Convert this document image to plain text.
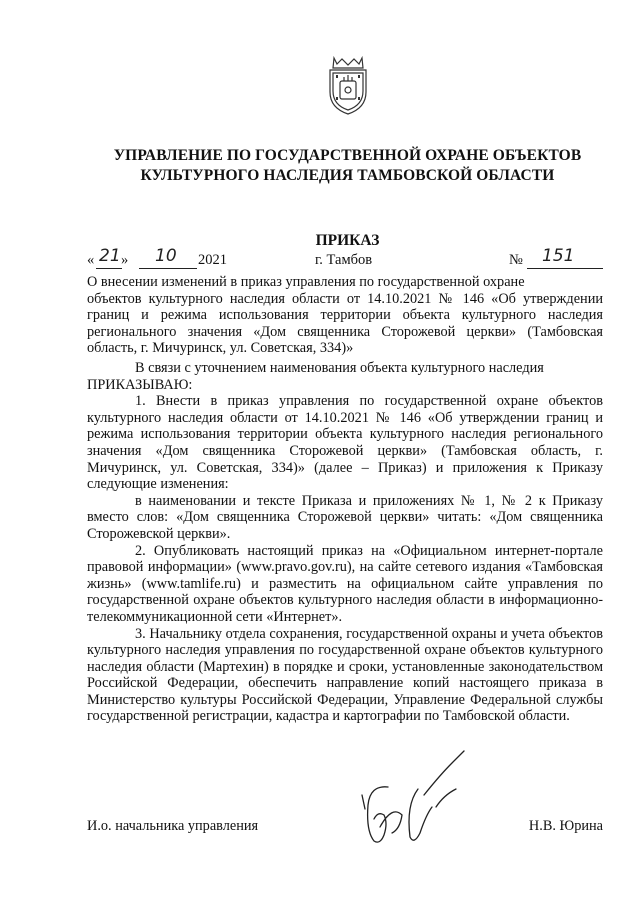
УПРАВЛЕНИЕ ПО ГОСУДАРСТВЕННОЙ ОХРАНЕ ОБЪЕКТОВ
КУЛЬТУРНОГО НАСЛЕДИЯ ТАМБОВСКОЙ ОБЛАСТИ
ПРИКАЗ
« 21 » 10 2021	г. Тамбов	№ 151
О внесении изменений в приказ управления по государственной охране
объектов культурного наследия области от 14.10.2021 № 146 «Об утверждении границ и режима использования территории объекта культурного наследия регионального значения «Дом священника Сторожевой церкви» (Тамбовская область, г. Мичуринск, ул. Советская, 334)»

В связи с уточнением наименования объекта культурного наследия

ПРИКАЗЫВАЮ:

1. Внести в приказ управления по государственной охране объектов культурного наследия области от 14.10.2021 № 146 «Об утверждении границ и режима использования территории объекта культурного наследия регионального значения «Дом священника Сторожевой церкви» (Тамбовская область, г. Мичуринск, ул. Советская, 334)» (далее – Приказ) и приложения к Приказу следующие изменения:

в наименовании и тексте Приказа и приложениях № 1, № 2 к Приказу вместо слов: «Дом священника Сторожевой церкви» читать: «Дом священника Сторожевской церкви».

2. Опубликовать настоящий приказ на «Официальном интернет-портале правовой информации» (www.pravo.gov.ru), на сайте сетевого издания «Тамбовская жизнь» (www.tamlife.ru) и разместить на официальном сайте управления по государственной охране объектов культурного наследия области в информационно-телекоммуникационной сети «Интернет».

3. Начальнику отдела сохранения, государственной охраны и учета объектов культурного наследия управления по государственной охране объектов культурного наследия области (Мартехин) в порядке и сроки, установленные законодательством Российской Федерации, обеспечить направление копий настоящего приказа в Министерство культуры Российской Федерации, Управление Федеральной службы государственной регистрации, кадастра и картографии по Тамбовской области.

И.о. начальника управления	Н.В. Юрина
